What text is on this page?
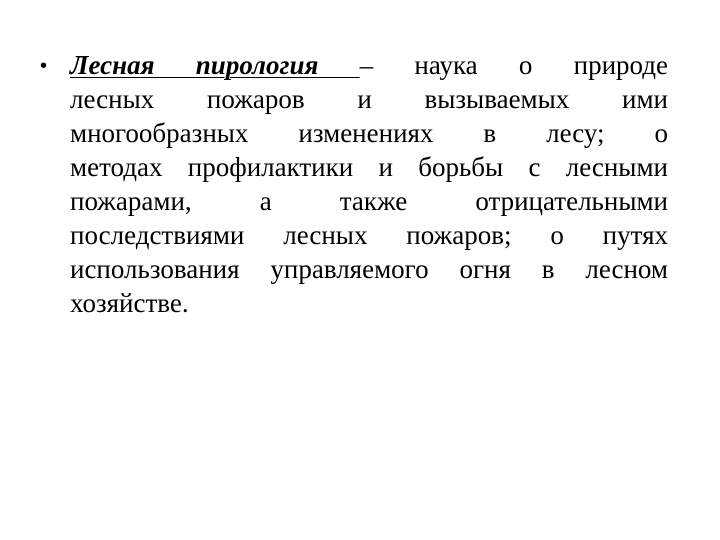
• Лесная пирология – наука о природе
лесных пожаров и вызываемых ими
многообразных изменениях в лесу; о
методах профилактики и борьбы с лесными
пожарами, а также отрицательными
последствиями лесных пожаров; о путях
использования управляемого огня в лесном
хозяйстве.
